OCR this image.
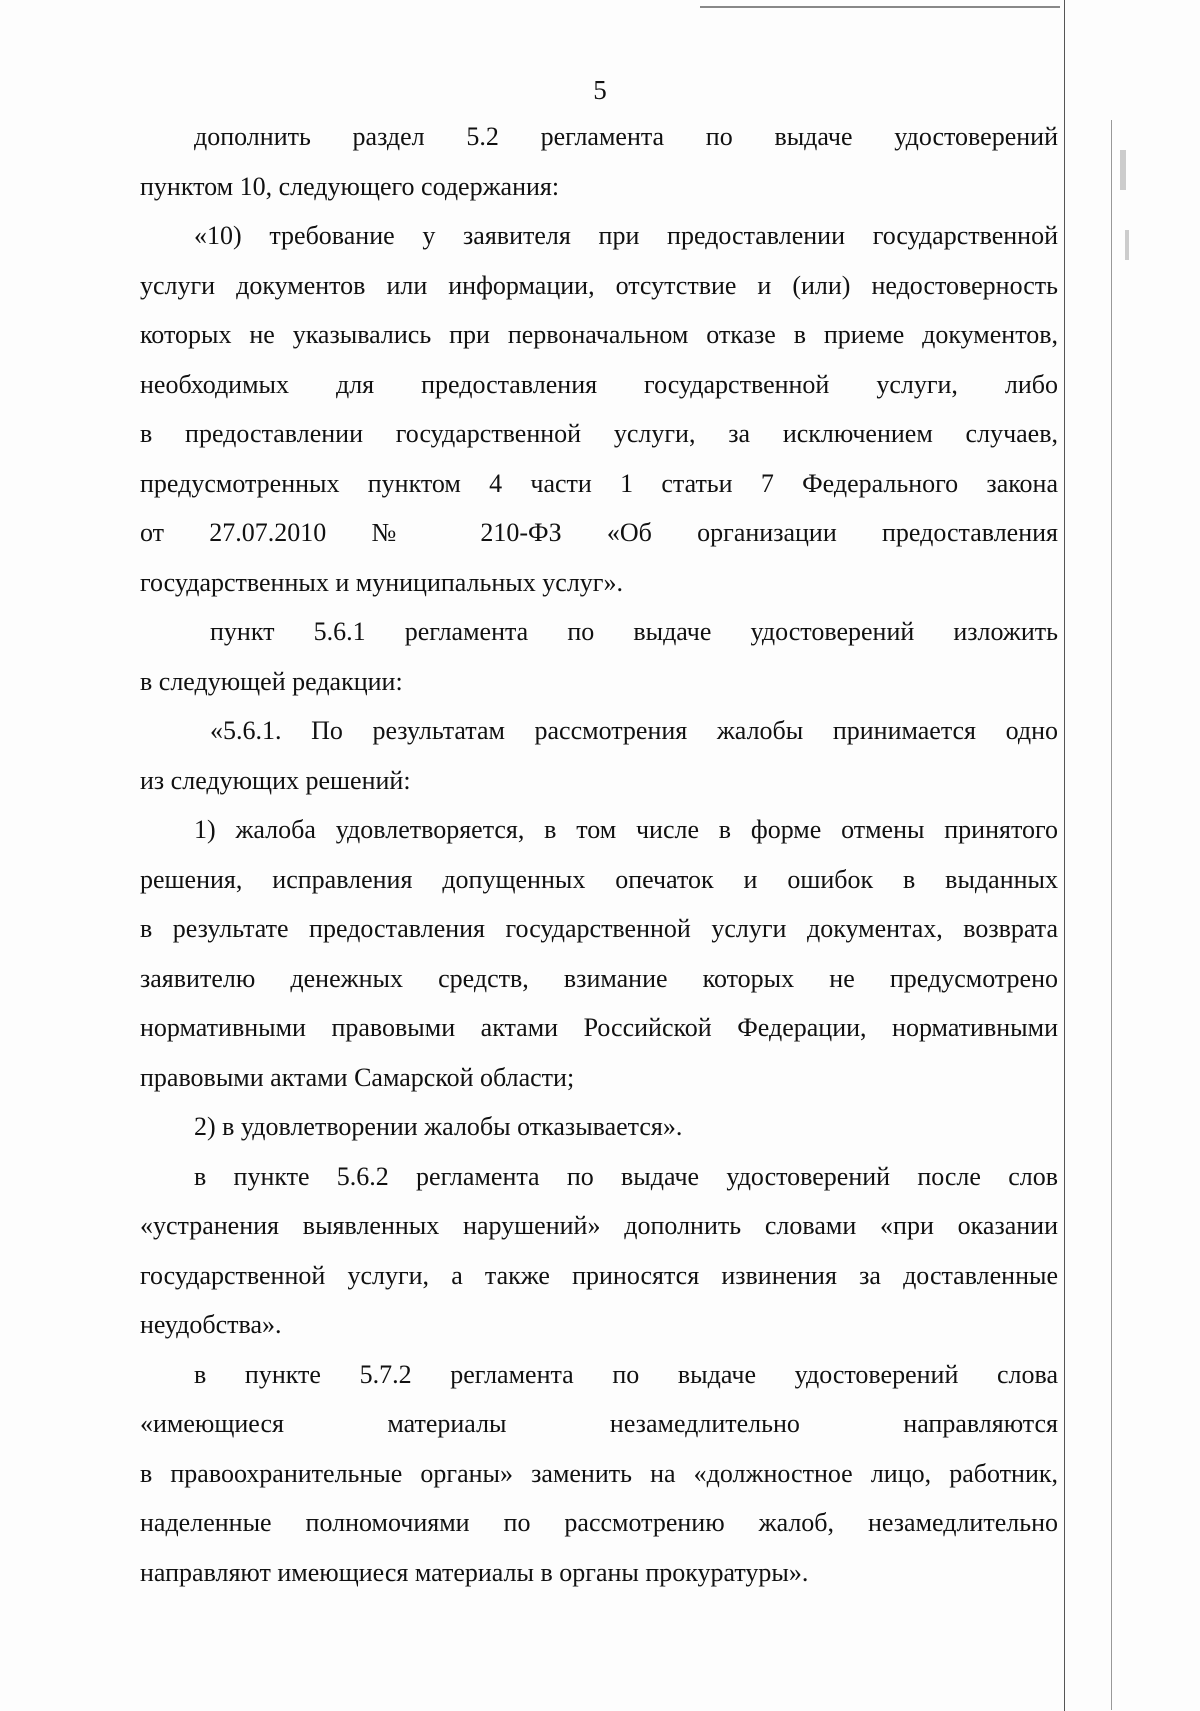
5
дополнить раздел 5.2 регламента по выдаче удостоверений
пунктом 10, следующего содержания:
«10) требование у заявителя при предоставлении государственной
услуги документов или информации, отсутствие и (или) недостоверность
которых не указывались при первоначальном отказе в приеме документов,
необходимых для предоставления государственной услуги, либо
в предоставлении государственной услуги, за исключением случаев,
предусмотренных пунктом 4 части 1 статьи 7 Федерального закона
от 27.07.2010 № 210-ФЗ «Об организации предоставления
государственных и муниципальных услуг».
пункт 5.6.1 регламента по выдаче удостоверений изложить
в следующей редакции:
«5.6.1. По результатам рассмотрения жалобы принимается одно
из следующих решений:
1) жалоба удовлетворяется, в том числе в форме отмены принятого
решения, исправления допущенных опечаток и ошибок в выданных
в результате предоставления государственной услуги документах, возврата
заявителю денежных средств, взимание которых не предусмотрено
нормативными правовыми актами Российской Федерации, нормативными
правовыми актами Самарской области;
2) в удовлетворении жалобы отказывается».
в пункте 5.6.2 регламента по выдаче удостоверений после слов
«устранения выявленных нарушений» дополнить словами «при оказании
государственной услуги, а также приносятся извинения за доставленные
неудобства».
в пункте 5.7.2 регламента по выдаче удостоверений слова
«имеющиеся материалы незамедлительно направляются
в правоохранительные органы» заменить на «должностное лицо, работник,
наделенные полномочиями по рассмотрению жалоб, незамедлительно
направляют имеющиеся материалы в органы прокуратуры».
